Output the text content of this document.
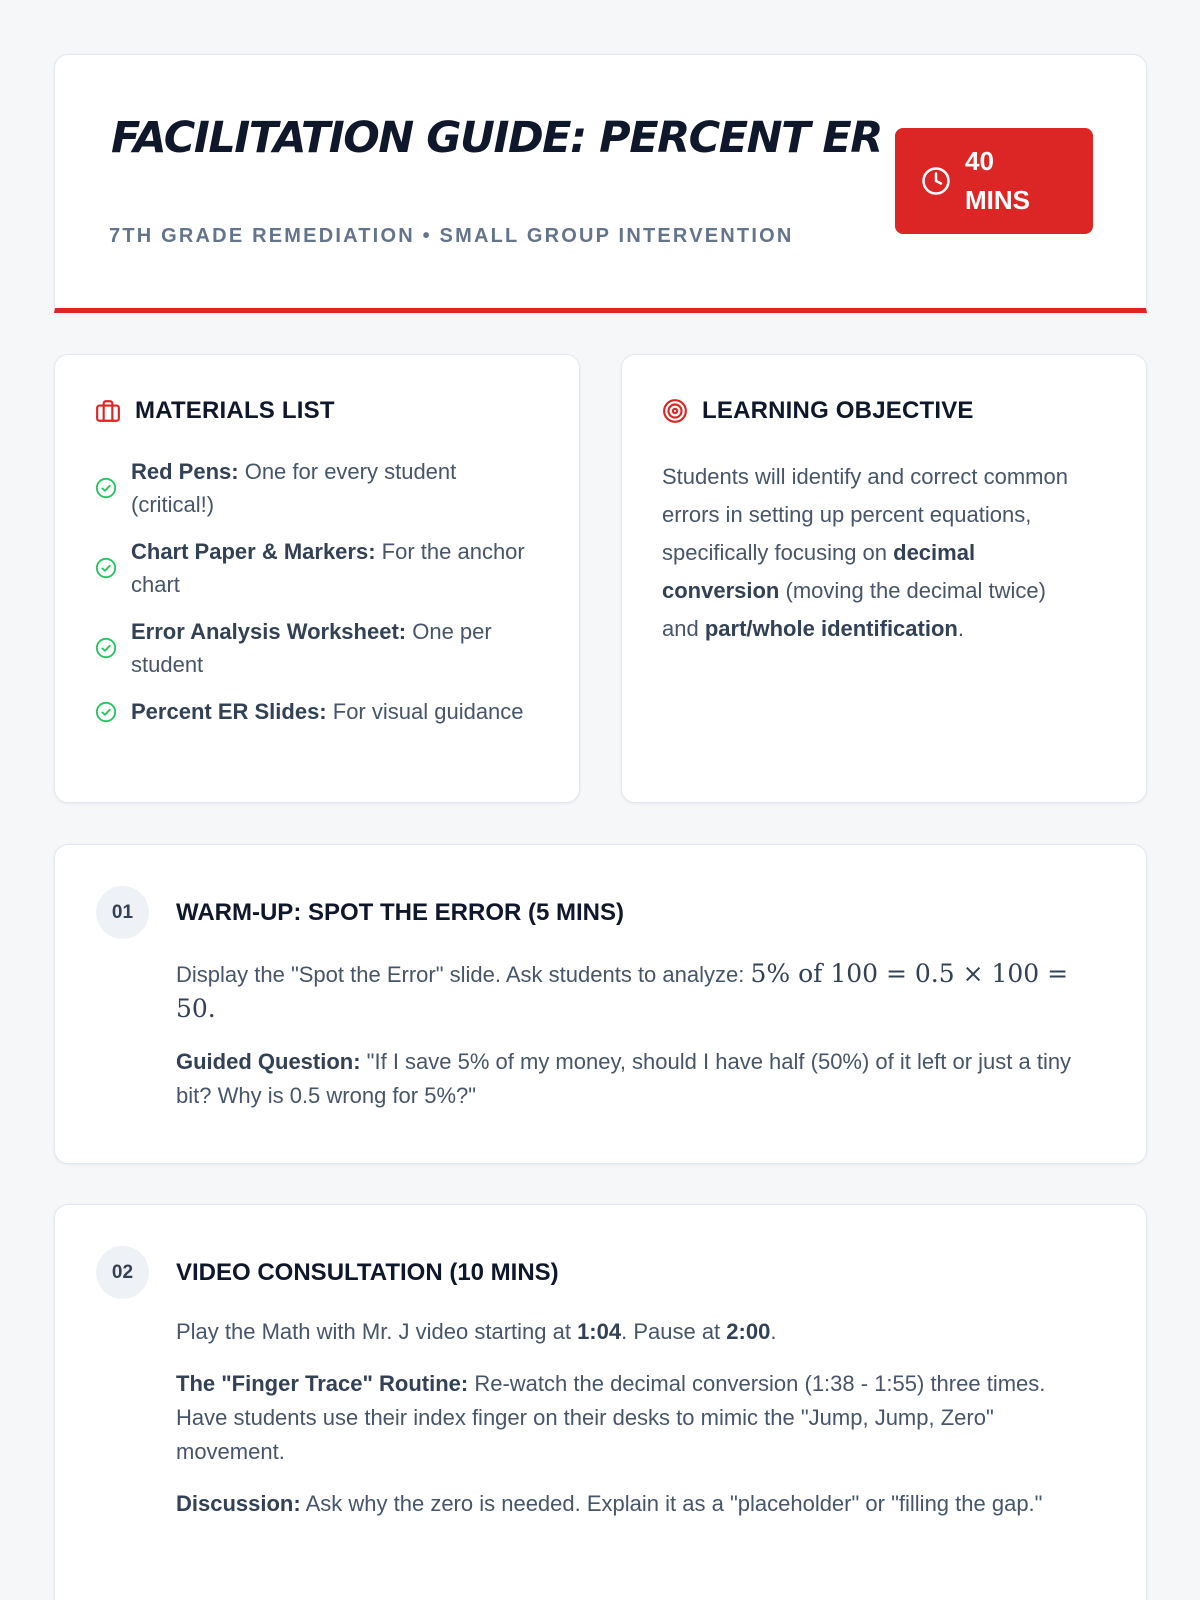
FACILITATION GUIDE: PERCENT ER
7TH GRADE REMEDIATION • SMALL GROUP INTERVENTION
40 MINS
MATERIALS LIST
Red Pens: One for every student (critical!)
Chart Paper & Markers: For the anchor chart
Error Analysis Worksheet: One per student
Percent ER Slides: For visual guidance
LEARNING OBJECTIVE
Students will identify and correct common errors in setting up percent equations, specifically focusing on decimal conversion (moving the decimal twice) and part/whole identification.
01	WARM-UP: SPOT THE ERROR (5 MINS)

Display the "Spot the Error" slide. Ask students to analyze: 5% of 100 = 0.5 × 100 = 50.

Guided Question: "If I save 5% of my money, should I have half (50%) of it left or just a tiny bit? Why is 0.5 wrong for 5%?"

02	VIDEO CONSULTATION (10 MINS)

Play the Math with Mr. J video starting at 1:04. Pause at 2:00.

The "Finger Trace" Routine: Re-watch the decimal conversion (1:38 - 1:55) three times. Have students use their index finger on their desks to mimic the "Jump, Jump, Zero" movement.

Discussion: Ask why the zero is needed. Explain it as a "placeholder" or "filling the gap."
